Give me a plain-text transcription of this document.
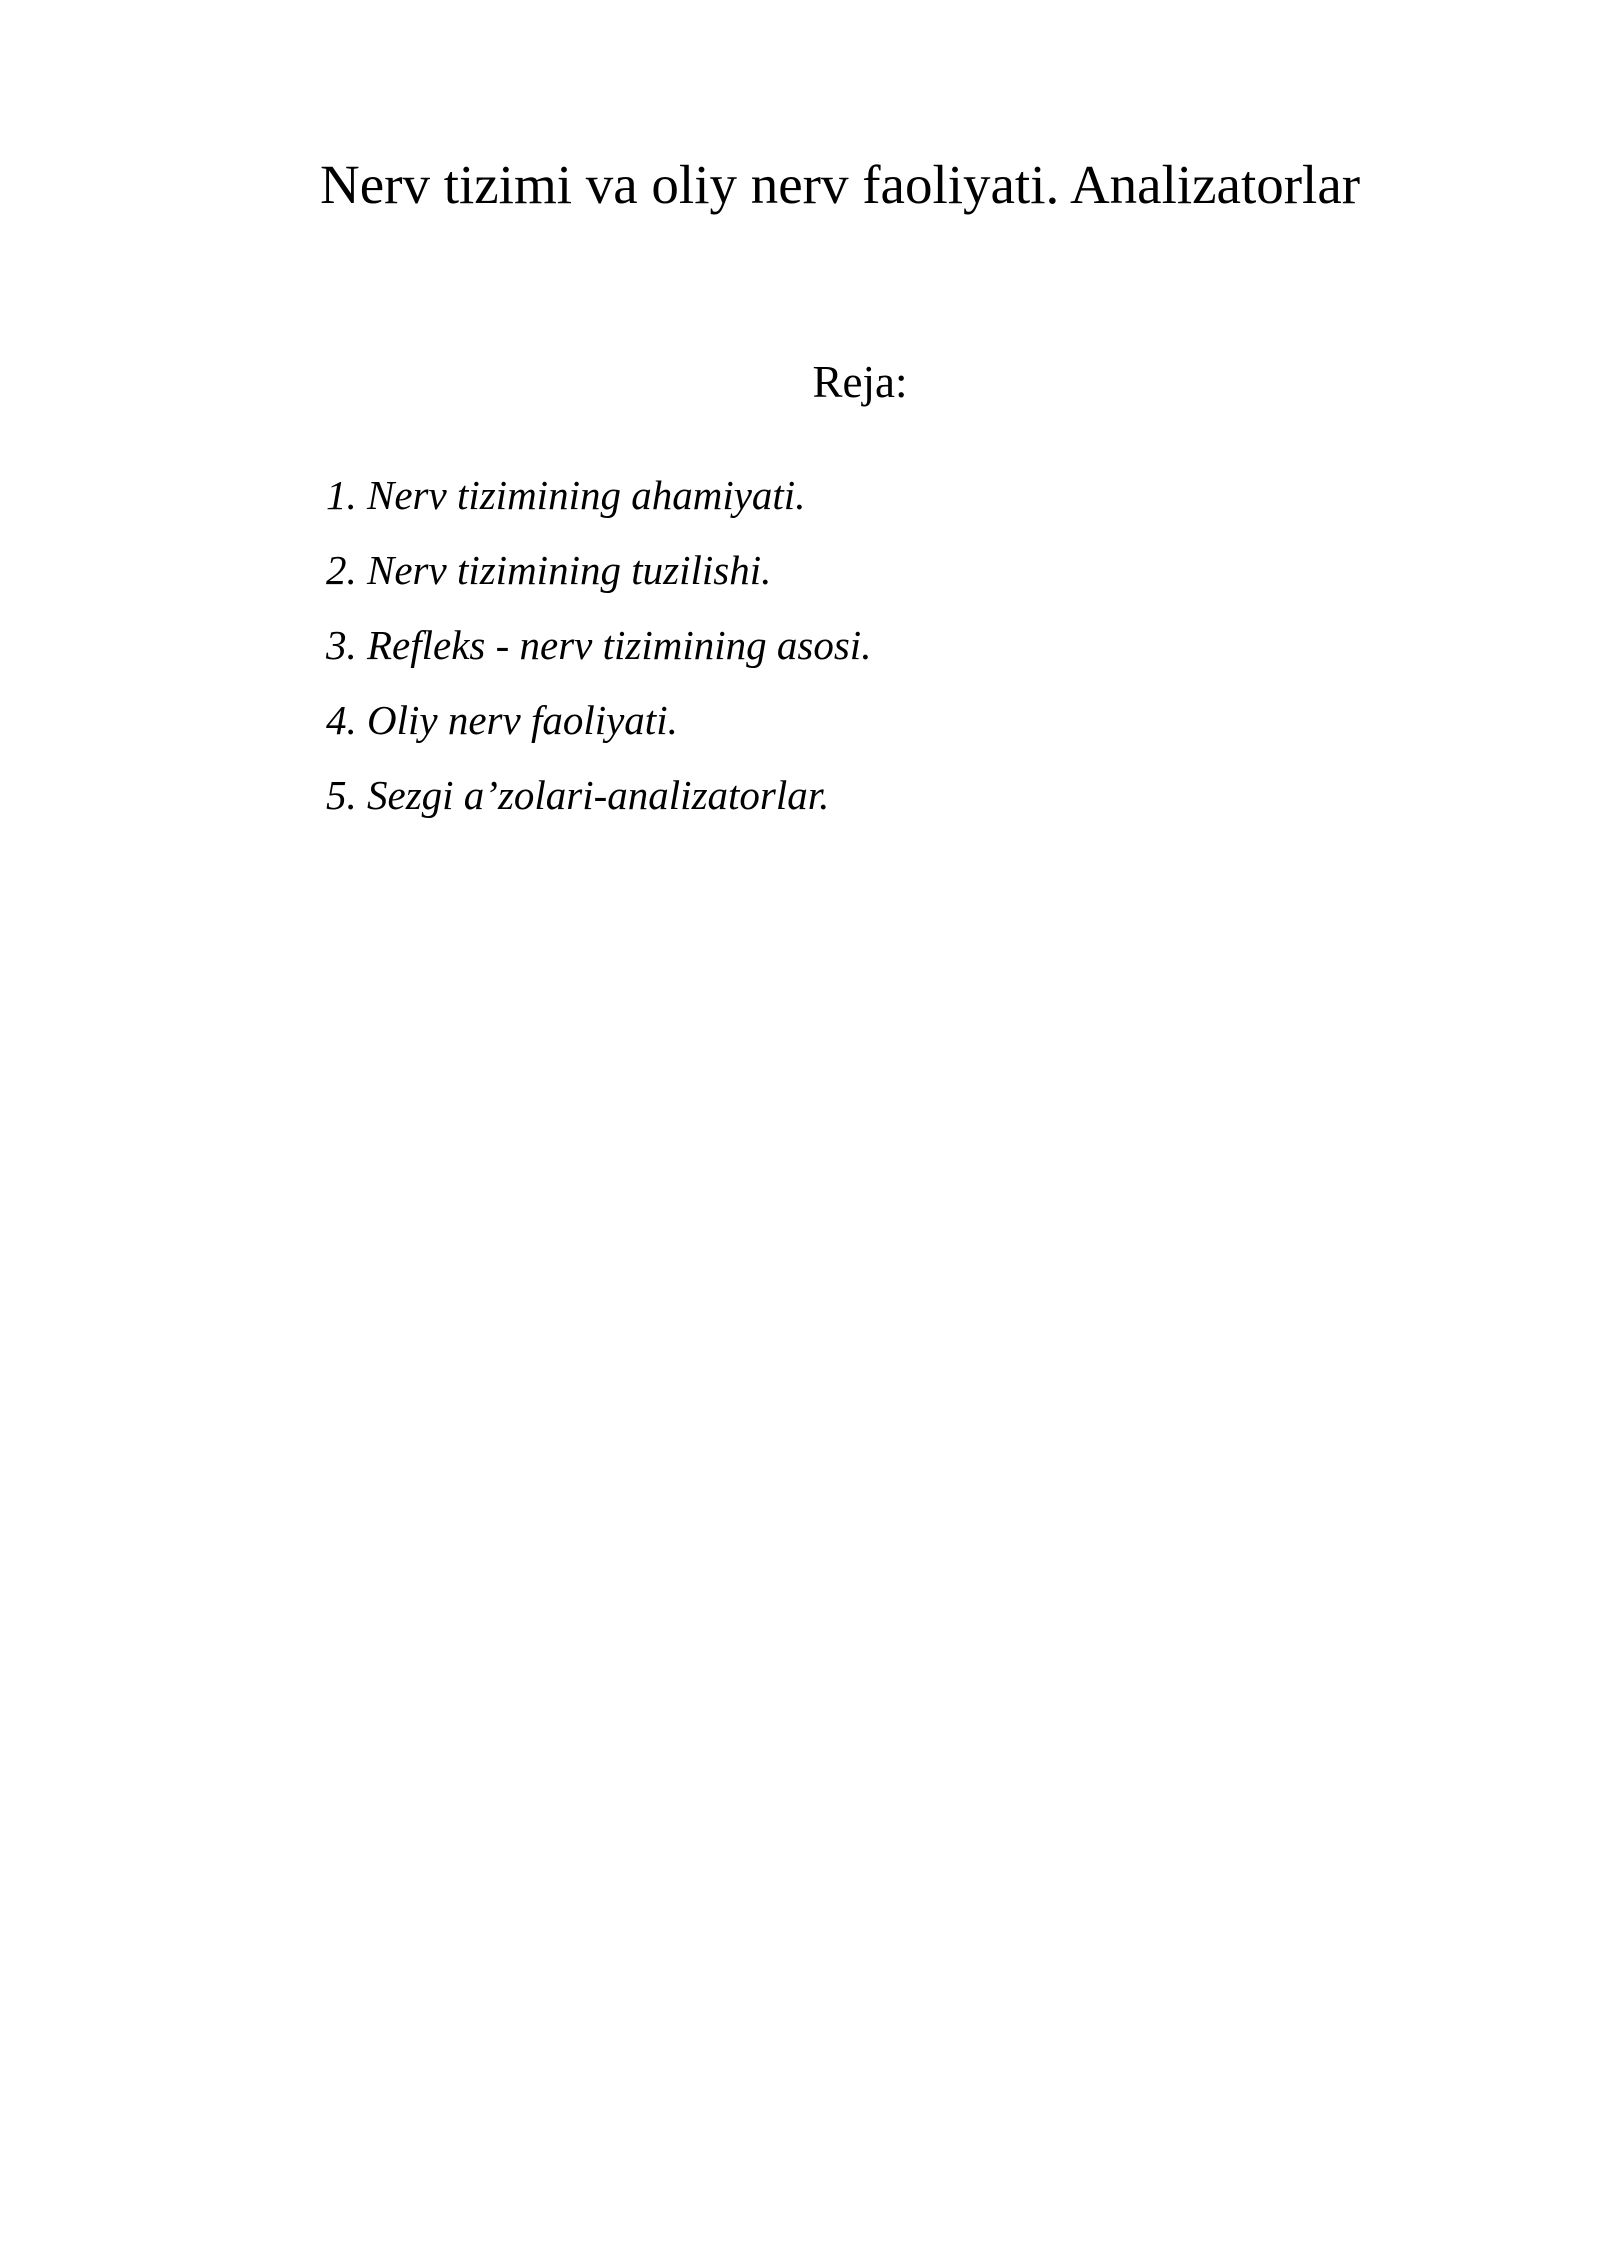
Nerv tizimi va oliy nerv faoliyati. Analizatorlar
Reja:
1. Nerv tizimining ahamiyati.
2. Nerv tizimining tuzilishi.
3. Refleks - nerv tizimining asosi.
4. Oliy nerv faoliyati.
5. Sezgi a’zolari-analizatorlar.
